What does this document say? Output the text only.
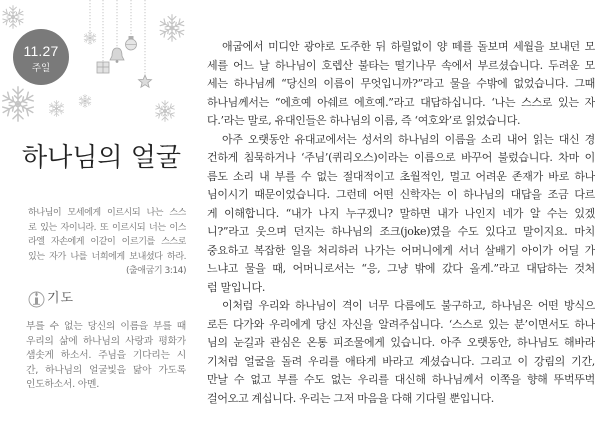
11.27
주일
하나님의 얼굴
하나님이 모세에게 이르시되 나는 스스
로 있는 자이니라. 또 이르시되 너는 이스
라엘 자손에게 이같이 이르기를 스스로
있는 자가 나를 너희에게 보내셨다 하라.
(출애굽기 3:14)
기도
부를 수 없는 당신의 이름을 부를 때
우리의 삶에 하나님의 사랑과 평화가
샘솟게 하소서. 주님을 기다리는 시
간, 하나님의 얼굴빛을 닮아 가도록
인도하소서. 아멘.
애굽에서 미디안 광야로 도주한 뒤 하릴없이 양 떼를 돌보며 세월을 보내던 모
세를 어느 날 하나님이 호렙산 불타는 떨기나무 속에서 부르셨습니다. 두려운 모
세는 하나님께 “당신의 이름이 무엇입니까?”라고 물을 수밖에 없었습니다. 그때
하나님께서는 “에흐예 아쉐르 에흐예.”라고 대답하십니다. ‘나는 스스로 있는 자
다.’라는 말로, 유대인들은 하나님의 이름, 즉 ‘여호와’로 읽었습니다.
아주 오랫동안 유대교에서는 성서의 하나님의 이름을 소리 내어 읽는 대신 경
건하게 침묵하거나 ‘주님’(퀴리오스)이라는 이름으로 바꾸어 불렀습니다. 차마 이
름도 소리 내 부를 수 없는 절대적이고 초월적인, 멀고 어려운 존재가 바로 하나
님이시기 때문이었습니다. 그런데 어떤 신학자는 이 하나님의 대답을 조금 다르
게 이해합니다. “내가 나지 누구겠니? 말하면 내가 나인지 네가 알 수는 있겠
니?”라고 웃으며 던지는 하나님의 조크(joke)였을 수도 있다고 말이지요. 마치
중요하고 복잡한 일을 처리하러 나가는 어머니에게 서너 살배기 아이가 어딜 가
느냐고 물을 때, 어머니로서는 “응, 그냥 밖에 갔다 올게.”라고 대답하는 것처
럼 말입니다.
이처럼 우리와 하나님이 격이 너무 다름에도 불구하고, 하나님은 어떤 방식으
로든 다가와 우리에게 당신 자신을 알려주십니다. ‘스스로 있는 분’이면서도 하나
님의 눈길과 관심은 온통 피조물에게 있습니다. 아주 오랫동안, 하나님도 해바라
기처럼 얼굴을 돌려 우리를 애타게 바라고 계셨습니다. 그리고 이 강림의 기간,
만날 수 없고 부를 수도 없는 우리를 대신해 하나님께서 이쪽을 향해 뚜벅뚜벅
걸어오고 계십니다. 우리는 그저 마음을 다해 기다릴 뿐입니다.
